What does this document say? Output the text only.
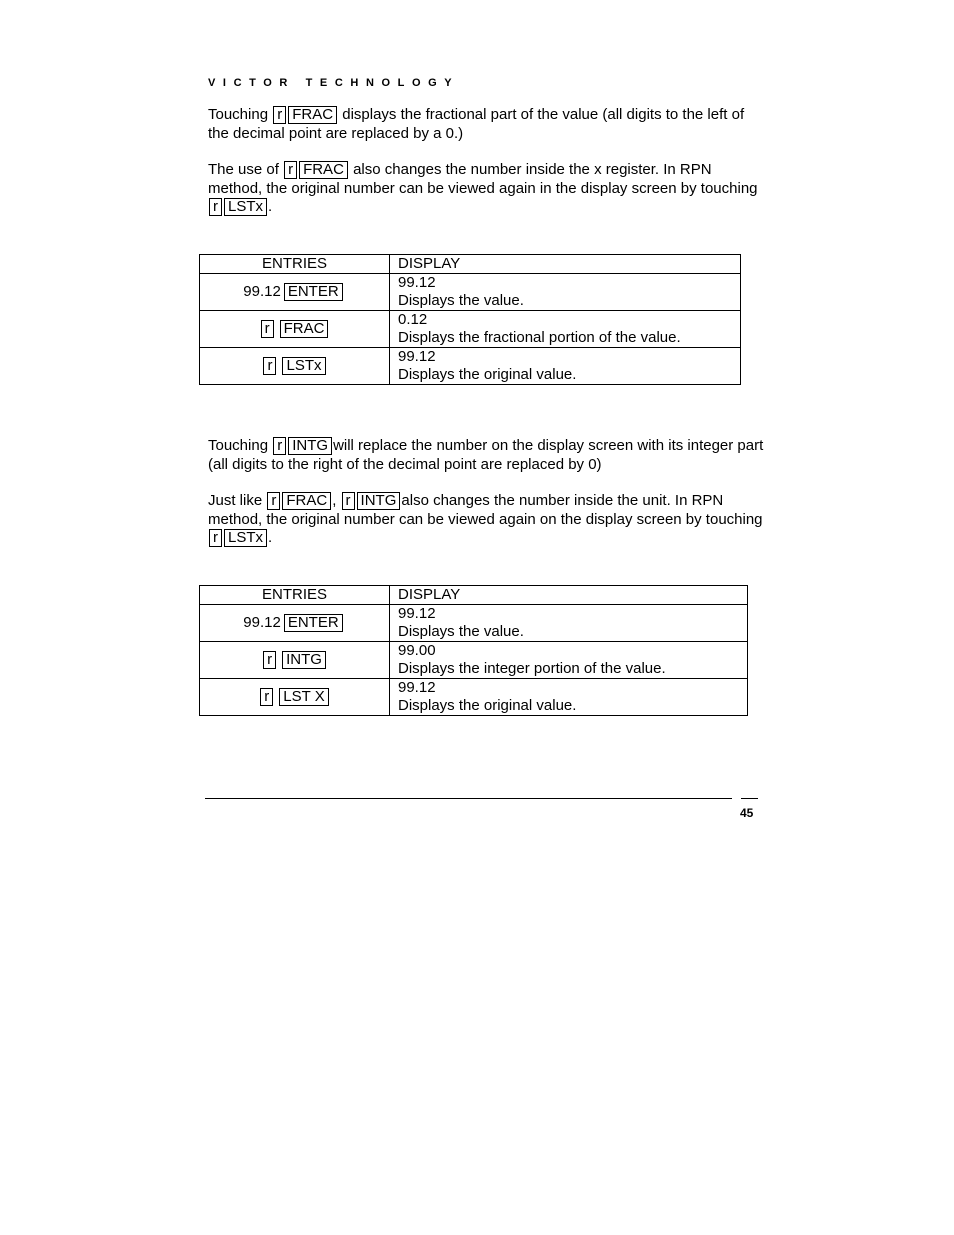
VICTOR TECHNOLOGY
Touching r FRAC displays the fractional part of the value (all digits to the left of the decimal point are replaced by a 0.)
The use of r FRAC also changes the number inside the x register. In RPN method, the original number can be viewed again in the display screen by touching r LSTx .
ENTRIES	DISPLAY
99.12 ENTER	99.12
Displays the value.

r FRAC	0.12
Displays the fractional portion of the value.

r LSTx	99.12
Displays the original value.
Touching r INTG will replace the number on the display screen with its integer part (all digits to the right of the decimal point are replaced by 0)
Just like r FRAC , r INTG also changes the number inside the unit. In RPN method, the original number can be viewed again on the display screen by touching r LSTx .
ENTRIES	DISPLAY
99.12 ENTER	99.12
Displays the value.

r INTG	99.00
Displays the integer portion of the value.

r LST X	99.12
Displays the original value.
45
